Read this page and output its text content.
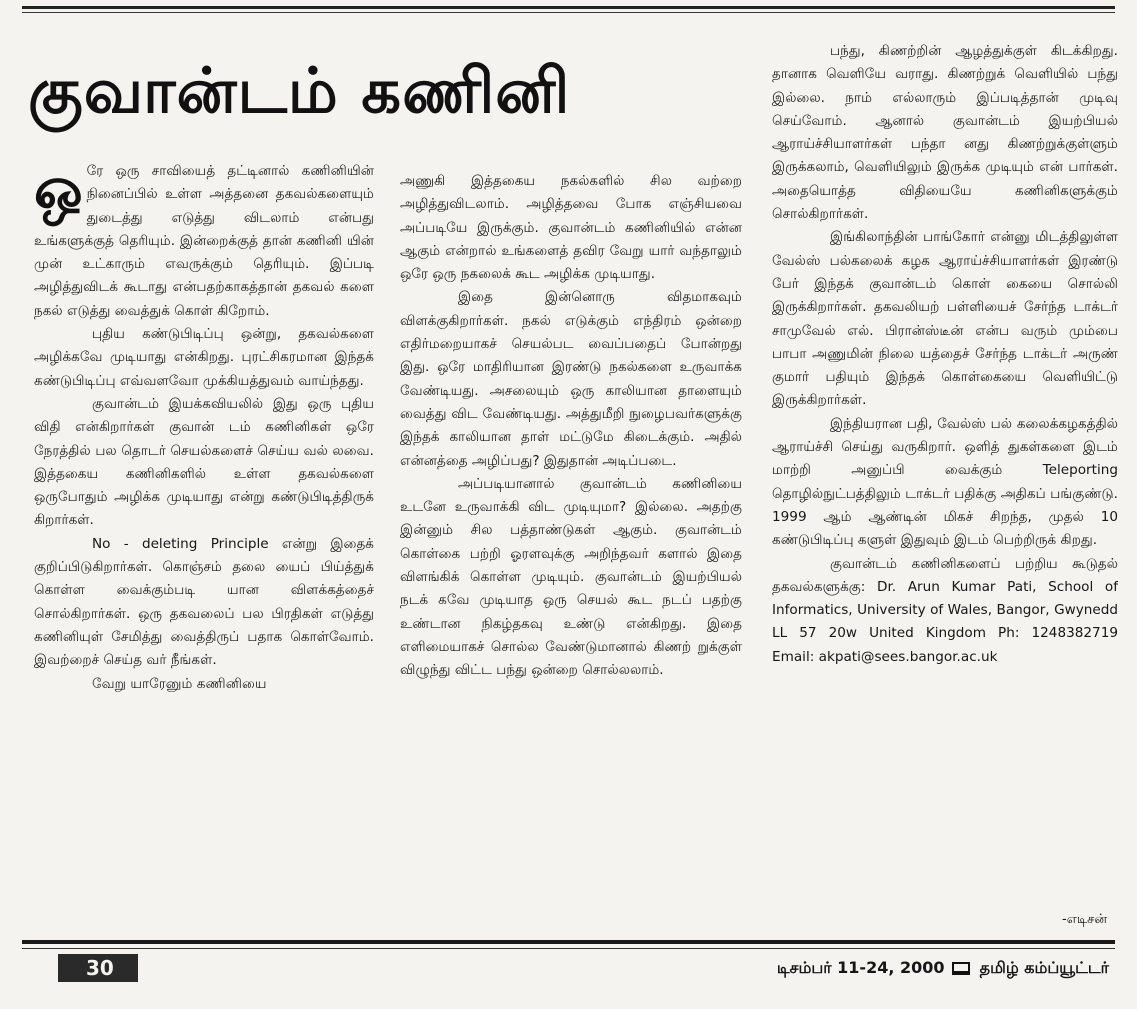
குவான்டம் கணினி

ஒரே ஒரு சாவியைத் தட்டினால் கணினியின் நினைப்பில் உள்ள அத்தனை தகவல்களையும் துடைத்து எடுத்து விடலாம் என்பது உங்களுக்குத் தெரியும். இன்றைக்குத் தான் கணினி யின் முன் உட்காரும் எவருக்கும் தெரியும். இப்படி அழித்துவிடக் கூடாது என்பதற்காகத்தான் தகவல் களை நகல் எடுத்து வைத்துக் கொள் கிறோம்.

புதிய கண்டுபிடிப்பு ஒன்று, தகவல்களை அழிக்கவே முடியாது என்கிறது. புரட்சிகரமான இந்தக் கண்டுபிடிப்பு எவ்வளவோ முக்கியத்துவம் வாய்ந்தது.

குவான்டம் இயக்கவியலில் இது ஒரு புதிய விதி என்கிறார்கள் குவான் டம் கணினிகள் ஒரே நேரத்தில் பல தொடர் செயல்களைச் செய்ய வல் லவை. இத்தகைய கணினிகளில் உள்ள தகவல்களை ஒருபோதும் அழிக்க முடியாது என்று கண்டுபிடித்திருக் கிறார்கள்.

No - deleting Principle என்று இதைக் குறிப்பிடுகிறார்கள். கொஞ்சம் தலை யைப் பிய்த்துக் கொள்ள வைக்கும்படி யான விளக்கத்தைச் சொல்கிறார்கள். ஒரு தகவலைப் பல பிரதிகள் எடுத்து கணினியுள் சேமித்து வைத்திருப் பதாக கொள்வோம். இவற்றைச் செய்த வர் நீங்கள்.

வேறு யாரேனும் கணினியை

அணுகி இத்தகைய நகல்களில் சில வற்றை அழித்துவிடலாம். அழித்தவை போக எஞ்சியவை அப்படியே இருக்கும். குவான்டம் கணினியில் என்ன ஆகும் என்றால் உங்களைத் தவிர வேறு யார் வந்தாலும் ஒரே ஒரு நகலைக் கூட அழிக்க முடியாது.

இதை இன்னொரு விதமாகவும் விளக்குகிறார்கள். நகல் எடுக்கும் எந்திரம் ஒன்றை எதிர்மறையாகச் செயல்பட வைப்பதைப் போன்றது இது. ஒரே மாதிரியான இரண்டு நகல்களை உருவாக்க வேண்டியது. அசலையும் ஒரு காலியான தாளையும் வைத்து விட வேண்டியது. அத்துமீறி நுழைபவர்களுக்கு இந்தக் காலியான தாள் மட்டுமே கிடைக்கும். அதில் என்னத்தை அழிப்பது? இதுதான் அடிப்படை.

அப்படியானால் குவான்டம் கணினியை உடனே உருவாக்கி விட முடியுமா? இல்லை. அதற்கு இன்னும் சில பத்தாண்டுகள் ஆகும். குவான்டம் கொள்கை பற்றி ஓரளவுக்கு அறிந்தவர் களால் இதை விளங்கிக் கொள்ள முடியும். குவான்டம் இயற்பியல் நடக் கவே முடியாத ஒரு செயல் கூட நடப் பதற்கு உண்டான நிகழ்தகவு உண்டு என்கிறது. இதை எளிமையாகச் சொல்ல வேண்டுமானால் கிணற் றுக்குள் விழுந்து விட்ட பந்து ஒன்றை சொல்லலாம்.

பந்து, கிணற்றின் ஆழத்துக்குள் கிடக்கிறது. தானாக வெளியே வராது. கிணற்றுக் வெளியில் பந்து இல்லை. நாம் எல்லாரும் இப்படித்தான் முடிவு செய்வோம். ஆனால் குவான்டம் இயற்பியல் ஆராய்ச்சியாளர்கள் பந்தா னது கிணற்றுக்குள்ளும் இருக்கலாம், வெளியிலும் இருக்க முடியும் என் பார்கள். அதையொத்த விதியையே கணினிகளுக்கும் சொல்கிறார்கள்.

இங்கிலாந்தின் பாங்கோர் என்னு மிடத்திலுள்ள வேல்ஸ் பல்கலைக் கழக ஆராய்ச்சியாளர்கள் இரண்டு பேர் இந்தக் குவான்டம் கொள் கையை சொல்லி இருக்கிறார்கள். தகவலியற் பள்ளியைச் சேர்ந்த டாக்டர் சாமுவேல் எல். பிரான்ஸ்டீன் என்ப வரும் மும்பை பாபா அணுமின் நிலை யத்தைச் சேர்ந்த டாக்டர் அருண் குமார் பதியும் இந்தக் கொள்கையை வெளியிட்டு இருக்கிறார்கள்.

இந்தியரான பதி, வேல்ஸ் பல் கலைக்கழகத்தில் ஆராய்ச்சி செய்து வருகிறார். ஒளித் துகள்களை இடம் மாற்றி அனுப்பி வைக்கும் Teleporting தொழில்நுட்பத்திலும் டாக்டர் பதிக்கு அதிகப் பங்குண்டு. 1999 ஆம் ஆண்டின் மிகச் சிறந்த, முதல் 10 கண்டுபிடிப்பு களுள் இதுவும் இடம் பெற்றிருக் கிறது.

குவான்டம் கணினிகளைப் பற்றிய கூடுதல் தகவல்களுக்கு: Dr. Arun Kumar Pati, School of Informatics, University of Wales, Bangor, Gwynedd LL 57 20w United Kingdom Ph: 1248382719 Email: akpati@sees.bangor.ac.uk

-எடிசன்
30	டிசம்பர் 11-24, 2000 தமிழ் கம்ப்யூட்டர்
